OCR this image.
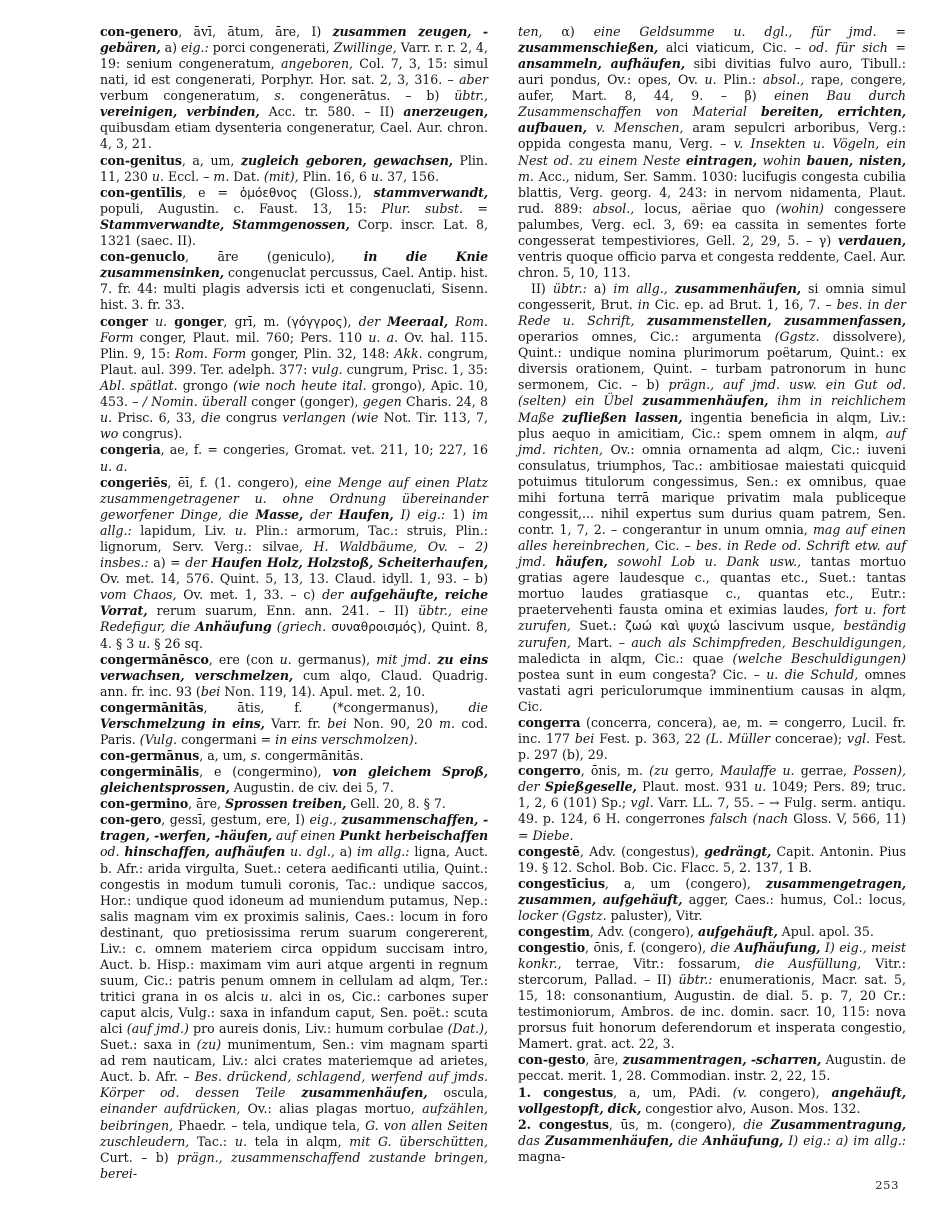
con-genero, āvī, ātum, āre, I) zusammen zeugen, -gebären, a) eig.: porci congenerati, Zwillinge, Varr. r. r. 2, 4, 19: senium congeneratum, angeboren, Col. 7, 3, 15: simul nati, id est congenerati, Porphyr. Hor. sat. 2, 3, 316. – aber verbum congeneratum, s. congenerātus. – b) übtr., vereinigen, verbinden, Acc. tr. 580. – II) anerzeugen, quibusdam etiam dysenteria congeneratur, Cael. Aur. chron. 4, 3, 21.

con-genitus, a, um, zugleich geboren, gewachsen, Plin. 11, 230 u. Eccl. – m. Dat. (mit), Plin. 16, 6 u. 37, 156.

con-gentīlis, e = ὁμόεθνος (Gloss.), stammverwandt, populi, Augustin. c. Faust. 13, 15: Plur. subst. = Stammverwandte, Stammgenossen, Corp. inscr. Lat. 8, 1321 (saec. II).

con-genuclo, āre (geniculo), in die Knie zusammensinken, congenuclat percussus, Cael. Antip. hist. 7. fr. 44: multi plagis adversis icti et congenuclati, Sisenn. hist. 3. fr. 33.

conger u. gonger, grī, m. (γόγγρος), der Meeraal, Rom. Form conger, Plaut. mil. 760; Pers. 110 u. a. Ov. hal. 115. Plin. 9, 15: Rom. Form gonger, Plin. 32, 148: Akk. congrum, Plaut. aul. 399. Ter. adelph. 377: vulg. cungrum, Prisc. 1, 35: Abl. spätlat. grongo (wie noch heute ital. grongo), Apic. 10, 453. – / Nomin. überall conger (gonger), gegen Charis. 24, 8 u. Prisc. 6, 33, die congrus verlangen (wie Not. Tir. 113, 7, wo congrus).

congeria, ae, f. = congeries, Gromat. vet. 211, 10; 227, 16 u. a.

congeriēs, ēī, f. (1. congero), eine Menge auf einen Platz zusammengetragener u. ohne Ordnung übereinander geworfener Dinge, die Masse, der Haufen, I) eig.: 1) im allg.: lapidum, Liv. u. Plin.: armorum, Tac.: struis, Plin.: lignorum, Serv. Verg.: silvae, H. Waldbäume, Ov. – 2) insbes.: a) = der Haufen Holz, Holzstoß, Scheiterhaufen, Ov. met. 14, 576. Quint. 5, 13, 13. Claud. idyll. 1, 93. – b) vom Chaos, Ov. met. 1, 33. – c) der aufgehäufte, reiche Vorrat, rerum suarum, Enn. ann. 241. – II) übtr., eine Redefigur, die Anhäufung (griech. συναθροισμός), Quint. 8, 4. § 3 u. § 26 sq.

congermānēsco, ere (con u. germanus), mit jmd. zu eins verwachsen, verschmelzen, cum alqo, Claud. Quadrig. ann. fr. inc. 93 (bei Non. 119, 14). Apul. met. 2, 10.

congermānitās, ātis, f. (*congermanus), die Verschmelzung in eins, Varr. fr. bei Non. 90, 20 m. cod. Paris. (Vulg. congermani = in eins verschmolzen).

con-germānus, a, um, s. congermānitās.

congerminālis, e (congermino), von gleichem Sproß, gleichentsprossen, Augustin. de civ. dei 5, 7.

con-germino, āre, Sprossen treiben, Gell. 20, 8. § 7.

con-gero, gessī, gestum, ere, I) eig., zusammenschaffen, -tragen, -werfen, -häufen, auf einen Punkt herbeischaffen od. hinschaffen, aufhäufen u. dgl., a) im allg.: ligna, Auct. b. Afr.: arida virgulta, Suet.: cetera aedificanti utilia, Quint.: congestis in modum tumuli coronis, Tac.: undique saccos, Hor.: undique quod idoneum ad muniendum putamus, Nep.: salis magnam vim ex proximis salinis, Caes.: locum in foro destinant, quo pretiosissima rerum suarum congererent, Liv.: c. omnem materiem circa oppidum succisam intro, Auct. b. Hisp.: maximam vim auri atque argenti in regnum suum, Cic.: patris penum omnem in cellulam ad alqm, Ter.: tritici grana in os alcis u. alci in os, Cic.: carbones super caput alcis, Vulg.: saxa in infandum caput, Sen. poët.: scuta alci (auf jmd.) pro aureis donis, Liv.: humum corbulae (Dat.), Suet.: saxa in (zu) munimentum, Sen.: vim magnam sparti ad rem nauticam, Liv.: alci crates materiemque ad arietes, Auct. b. Afr. – Bes. drückend, schlagend, werfend auf jmds. Körper od. dessen Teile zusammenhäufen, oscula, einander aufdrücken, Ov.: alias plagas mortuo, aufzählen, beibringen, Phaedr. – tela, undique tela, G. von allen Seiten zuschleudern, Tac.: u. tela in alqm, mit G. überschütten, Curt. – b) prägn., zusammenschaffend zustande bringen, berei-

ten, α) eine Geldsumme u. dgl., für jmd. = zusammenschießen, alci viaticum, Cic. – od. für sich = ansammeln, aufhäufen, sibi divitias fulvo auro, Tibull.: auri pondus, Ov.: opes, Ov. u. Plin.: absol., rape, congere, aufer, Mart. 8, 44, 9. – β) einen Bau durch Zusammenschaffen von Material bereiten, errichten, aufbauen, v. Menschen, aram sepulcri arboribus, Verg.: oppida congesta manu, Verg. – v. Insekten u. Vögeln, ein Nest od. zu einem Neste eintragen, wohin bauen, nisten, m. Acc., nidum, Ser. Samm. 1030: lucifugis congesta cubilia blattis, Verg. georg. 4, 243: in nervom nidamenta, Plaut. rud. 889: absol., locus, aëriae quo (wohin) congessere palumbes, Verg. ecl. 3, 69: ea cassita in sementes forte congesserat tempestiviores, Gell. 2, 29, 5. – γ) verdauen, ventris quoque officio parva et congesta reddente, Cael. Aur. chron. 5, 10, 113.

II) übtr.: a) im allg., zusammenhäufen, si omnia simul congesserit, Brut. in Cic. ep. ad Brut. 1, 16, 7. – bes. in der Rede u. Schrift, zusammenstellen, zusammenfassen, operarios omnes, Cic.: argumenta (Ggstz. dissolvere), Quint.: undique nomina plurimorum poëtarum, Quint.: ex diversis orationem, Quint. – turbam patronorum in hunc sermonem, Cic. – b) prägn., auf jmd. usw. ein Gut od. (selten) ein Übel zusammenhäufen, ihm in reichlichem Maße zufließen lassen, ingentia beneficia in alqm, Liv.: plus aequo in amicitiam, Cic.: spem omnem in alqm, auf jmd. richten, Ov.: omnia ornamenta ad alqm, Cic.: iuveni consulatus, triumphos, Tac.: ambitiosae maiestati quicquid potuimus titulorum congessimus, Sen.: ex omnibus, quae mihi fortuna terrā marique privatim mala publiceque congessit,... nihil expertus sum durius quam patrem, Sen. contr. 1, 7, 2. – congerantur in unum omnia, mag auf einen alles hereinbrechen, Cic. – bes. in Rede od. Schrift etw. auf jmd. häufen, sowohl Lob u. Dank usw., tantas mortuo gratias agere laudesque c., quantas etc., Suet.: tantas mortuo laudes gratiasque c., quantas etc., Eutr.: praetervehenti fausta omina et eximias laudes, fort u. fort zurufen, Suet.: ζωώ καὶ ψυχώ lascivum usque, beständig zurufen, Mart. – auch als Schimpfreden, Beschuldigungen, maledicta in alqm, Cic.: quae (welche Beschuldigungen) postea sunt in eum congesta? Cic. – u. die Schuld, omnes vastati agri periculorumque imminentium causas in alqm, Cic.

congerra (concerra, concera), ae, m. = congerro, Lucil. fr. inc. 177 bei Fest. p. 363, 22 (L. Müller concerae); vgl. Fest. p. 297 (b), 29.

congerro, ōnis, m. (zu gerro, Maulaffe u. gerrae, Possen), der Spießgeselle, Plaut. most. 931 u. 1049; Pers. 89; truc. 1, 2, 6 (101) Sp.; vgl. Varr. LL. 7, 55. – → Fulg. serm. antiqu. 49. p. 124, 6 H. congerrones falsch (nach Gloss. V, 566, 11) = Diebe.

congestē, Adv. (congestus), gedrängt, Capit. Antonin. Pius 19. § 12. Schol. Bob. Cic. Flacc. 5, 2. 137, 1 B.

congestīcius, a, um (congero), zusammengetragen, zusammen, aufgehäuft, agger, Caes.: humus, Col.: locus, locker (Ggstz. paluster), Vitr.

congestim, Adv. (congero), aufgehäuft, Apul. apol. 35.

congestio, ōnis, f. (congero), die Aufhäufung, I) eig., meist konkr., terrae, Vitr.: fossarum, die Ausfüllung, Vitr.: stercorum, Pallad. – II) übtr.: enumerationis, Macr. sat. 5, 15, 18: consonantium, Augustin. de dial. 5. p. 7, 20 Cr.: testimoniorum, Ambros. de inc. domin. sacr. 10, 115: nova prorsus fuit honorum deferendorum et insperata congestio, Mamert. grat. act. 22, 3.

con-gesto, āre, zusammentragen, -scharren, Augustin. de peccat. merit. 1, 28. Commodian. instr. 2, 22, 15.

1. congestus, a, um, PAdi. (v. congero), angehäuft, vollgestopft, dick, congestior alvo, Auson. Mos. 132.

2. congestus, ūs, m. (congero), die Zusammentragung, das Zusammenhäufen, die Anhäufung, I) eig.: a) im allg.: magna-

253
